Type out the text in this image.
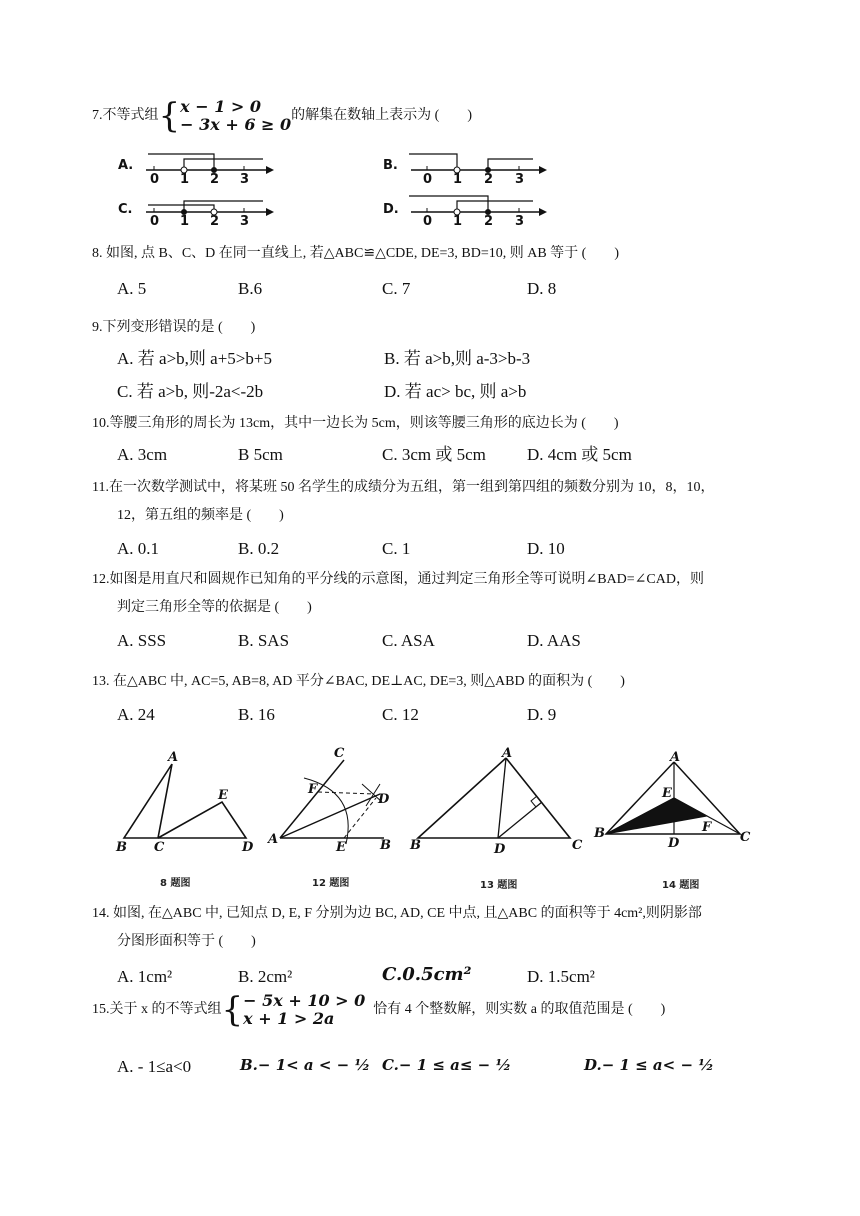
7.不等式组{ x − 1 > 0
− 3x + 6 ≥ 0 的解集在数轴上表示为 (　　)
A.
0 1 2 3
B.
0 1 2 3
C.
0 1 2 3
D.
0 1 2 3
8. 如图, 点 B、C、D 在同一直线上, 若△ABC≌△CDE, DE=3, BD=10, 则 AB 等于 (　　)
A. 5	B.6	C. 7	D. 8
9.下列变形错误的是 (　　)
A. 若 a>b,则 a+5>b+5	B. 若 a>b,则 a-3>b-3
C. 若 a>b, 则-2a<-2b	D. 若 ac> bc, 则 a>b
10.等腰三角形的周长为 13cm，其中一边长为 5cm，则该等腰三角形的底边长为 (　　)
A. 3cm	B 5cm	C. 3cm 或 5cm D. 4cm 或 5cm
11.在一次数学测试中，将某班 50 名学生的成绩分为五组，第一组到第四组的频数分别为 10，8，10，
12，第五组的频率是 (　　)
A. 0.1	B. 0.2	C. 1	D. 10
12.如图是用直尺和圆规作已知角的平分线的示意图，通过判定三角形全等可说明∠BAD=∠CAD，则
判定三角形全等的依据是 (　　)
A. SSS	B. SAS	C. ASA	D. AAS
13. 在△ABC 中, AC=5, AB=8, AD 平分∠BAC, DE⊥AC, DE=3, 则△ABD 的面积为 (　　)
A. 24	B. 16	C. 12	D. 9
A
B C	D
E
8 题图
C
F
D
A
E	B
12 题图
A
B	D	C
13 题图
A
E
F
B
D	C
14 题图
14. 如图, 在△ABC 中, 已知点 D, E, F 分别为边 BC, AD, CE 中点, 且△ABC 的面积等于 4cm²,则阴影部
分图形面积等于 (　　)
A. 1cm²	B. 2cm²	C.0.5cm²	D. 1.5cm²
15.关于 x 的不等式组{ − 5x + 10 > 0
x + 1 > 2a	恰有 4 个整数解，则实数 a 的取值范围是 (　　)
A. - 1≤a<0	B.− 1< a < − ½ C.− 1 ≤ a≤ − ½	D.− 1 ≤ a< − ½
